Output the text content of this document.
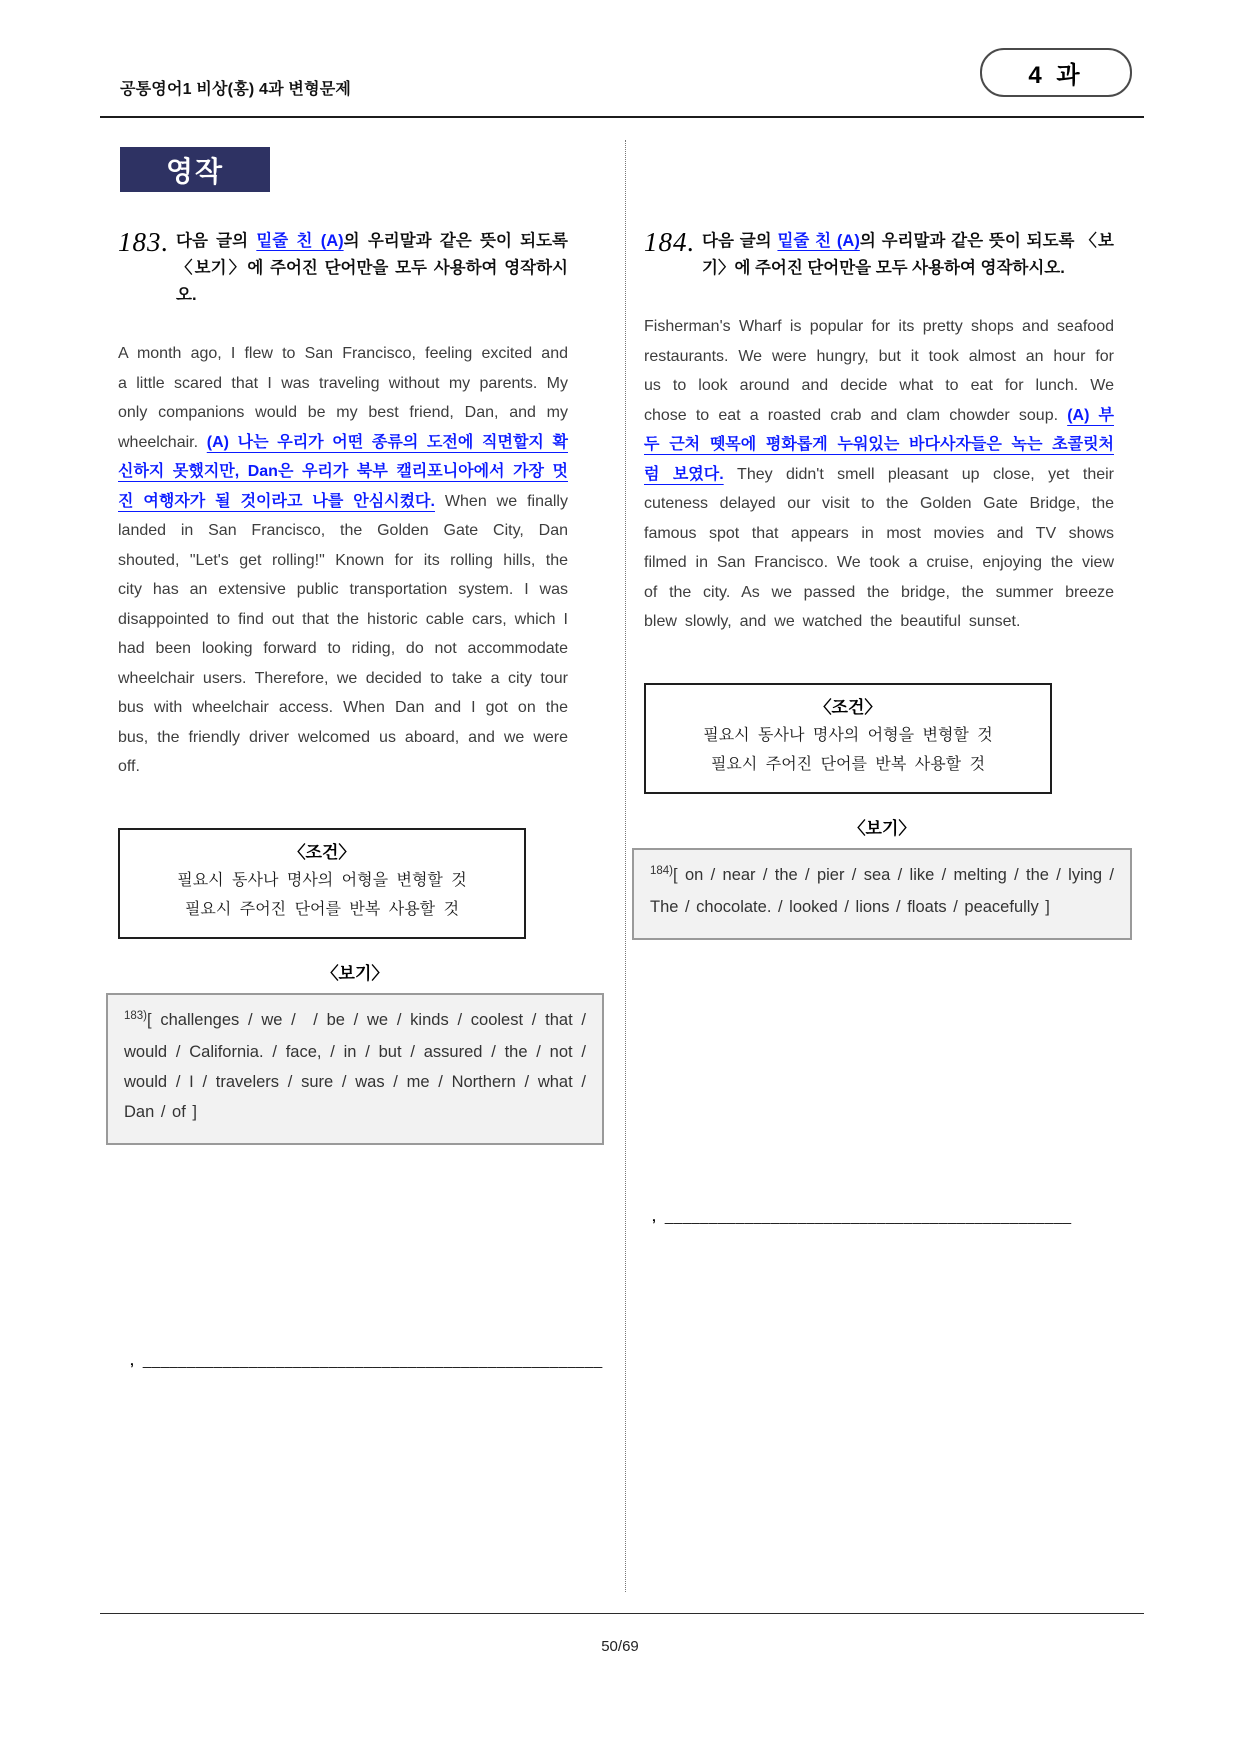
공통영어1 비상(홍) 4과 변형문제
4 과
영작
183. 다음 글의 밑줄 친 (A)의 우리말과 같은 뜻이 되도록 〈보기〉에 주어진 단어만을 모두 사용하여 영작하시오.

A month ago, I flew to San Francisco, feeling excited and a little scared that I was traveling without my parents. My only companions would be my best friend, Dan, and my wheelchair. (A) 나는 우리가 어떤 종류의 도전에 직면할지 확신하지 못했지만, Dan은 우리가 북부 캘리포니아에서 가장 멋진 여행자가 될 것이라고 나를 안심시켰다. When we finally landed in San Francisco, the Golden Gate City, Dan shouted, "Let's get rolling!" Known for its rolling hills, the city has an extensive public transportation system. I was disappointed to find out that the historic cable cars, which I had been looking forward to riding, do not accommodate wheelchair users. Therefore, we decided to take a city tour bus with wheelchair access. When Dan and I got on the bus, the friendly driver welcomed us aboard, and we were off.

〈조건〉
필요시 동사나 명사의 어형을 변형할 것
필요시 주어진 단어를 반복 사용할 것
〈보기〉

$^{183)}$[ challenges / we /  / be / we / kinds / coolest / that / would / California. / face, / in / but / assured / the / not / would / I / travelers / sure / was / me / Northern / what / Dan / of ]

184. 다음 글의 밑줄 친 (A)의 우리말과 같은 뜻이 되도록 〈보기〉에 주어진 단어만을 모두 사용하여 영작하시오.

Fisherman's Wharf is popular for its pretty shops and seafood restaurants. We were hungry, but it took almost an hour for us to look around and decide what to eat for lunch. We chose to eat a roasted crab and clam chowder soup. (A) 부두 근처 뗏목에 평화롭게 누워있는 바다사자들은 녹는 초콜릿처럼 보였다. They didn't smell pleasant up close, yet their cuteness delayed our visit to the Golden Gate Bridge, the famous spot that appears in most movies and TV shows filmed in San Francisco. We took a cruise, enjoying the view of the city. As we passed the bridge, the summer breeze blew slowly, and we watched the beautiful sunset.

〈조건〉
필요시 동사나 명사의 어형을 변형할 것
필요시 주어진 단어를 반복 사용할 것
〈보기〉

$^{184)}$[ on / near / the / pier / sea / like / melting / the / lying / The / chocolate. / looked / lions / floats / peacefully ]

‚ ______________________________________________
‚ ____________________________________________________
50/69
